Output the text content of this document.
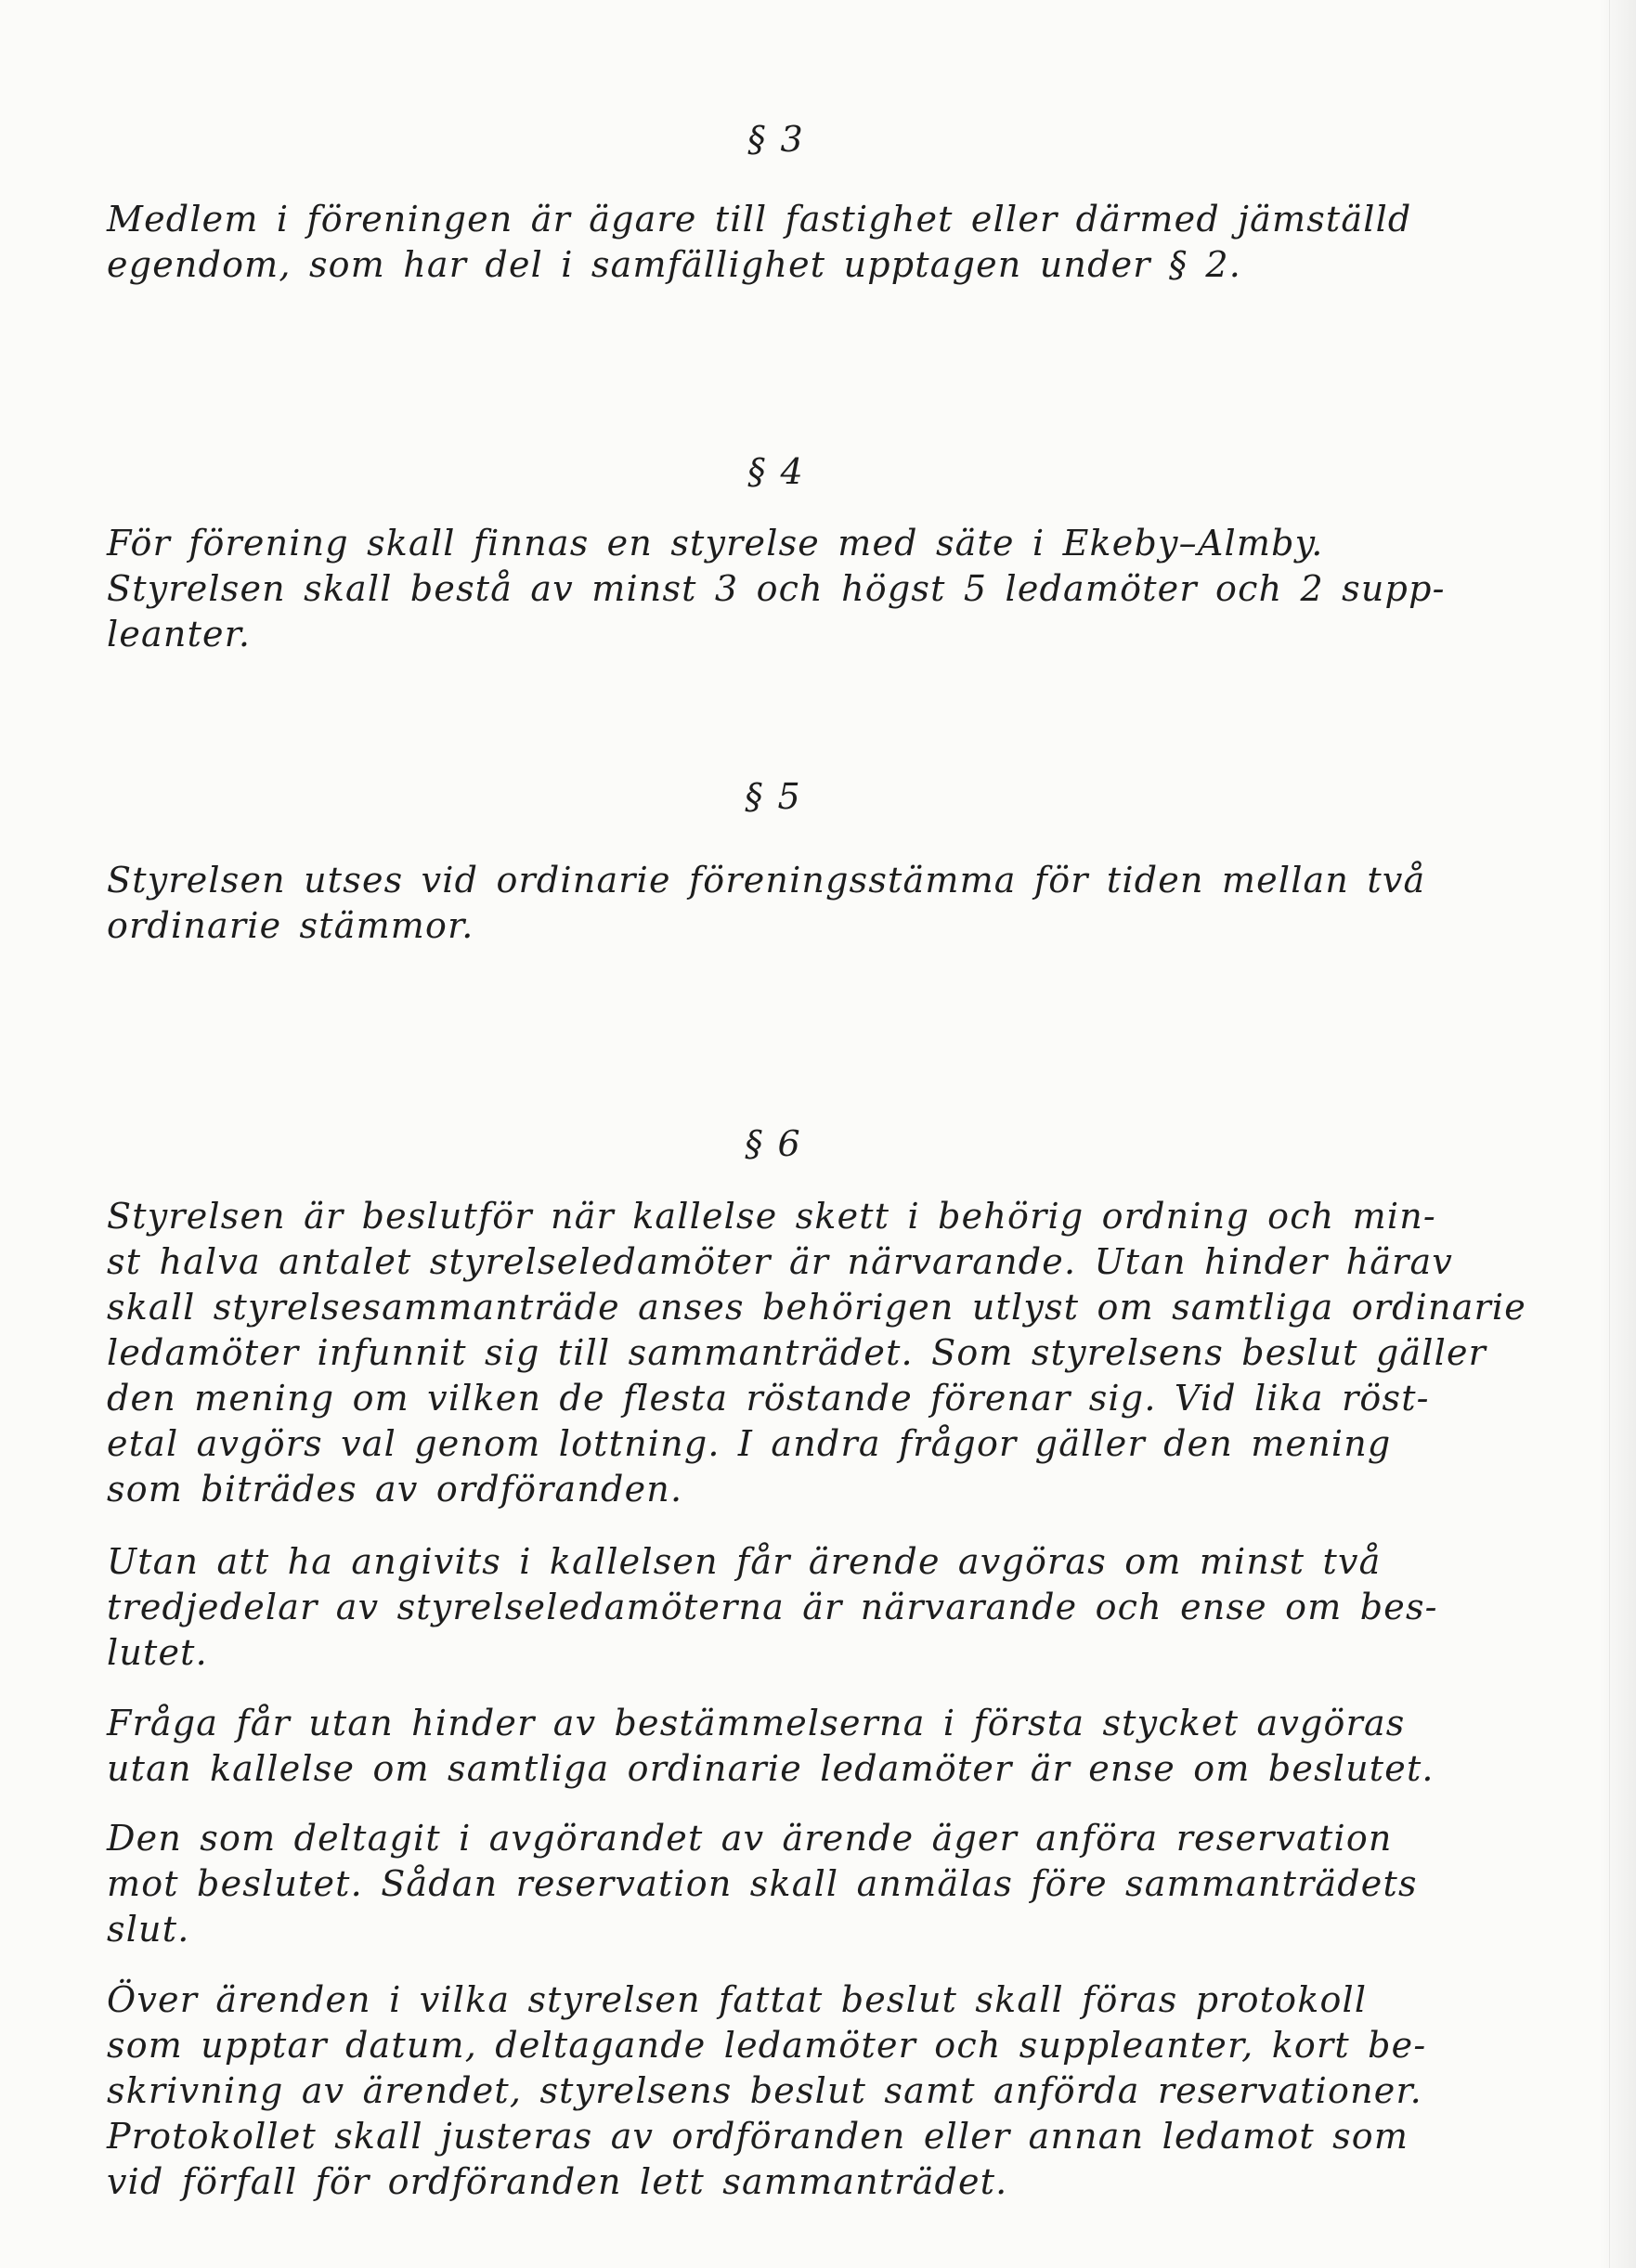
§ 3
Medlem i föreningen är ägare till fastighet eller därmed jämställd
egendom, som har del i samfällighet upptagen under § 2.
§ 4
För förening skall finnas en styrelse med säte i Ekeby–Almby.
Styrelsen skall bestå av minst 3 och högst 5 ledamöter och 2 supp-
leanter.
§ 5
Styrelsen utses vid ordinarie föreningsstämma för tiden mellan två
ordinarie stämmor.
§ 6
Styrelsen är beslutför när kallelse skett i behörig ordning och min-
st halva antalet styrelseledamöter är närvarande. Utan hinder härav
skall styrelsesammanträde anses behörigen utlyst om samtliga ordinarie
ledamöter infunnit sig till sammanträdet. Som styrelsens beslut gäller
den mening om vilken de flesta röstande förenar sig. Vid lika röst-
etal avgörs val genom lottning. I andra frågor gäller den mening
som biträdes av ordföranden.
Utan att ha angivits i kallelsen får ärende avgöras om minst två
tredjedelar av styrelseledamöterna är närvarande och ense om bes-
lutet.
Fråga får utan hinder av bestämmelserna i första stycket avgöras
utan kallelse om samtliga ordinarie ledamöter är ense om beslutet.
Den som deltagit i avgörandet av ärende äger anföra reservation
mot beslutet. Sådan reservation skall anmälas före sammanträdets
slut.
Över ärenden i vilka styrelsen fattat beslut skall föras protokoll
som upptar datum, deltagande ledamöter och suppleanter, kort be-
skrivning av ärendet, styrelsens beslut samt anförda reservationer.
Protokollet skall justeras av ordföranden eller annan ledamot som
vid förfall för ordföranden lett sammanträdet.
